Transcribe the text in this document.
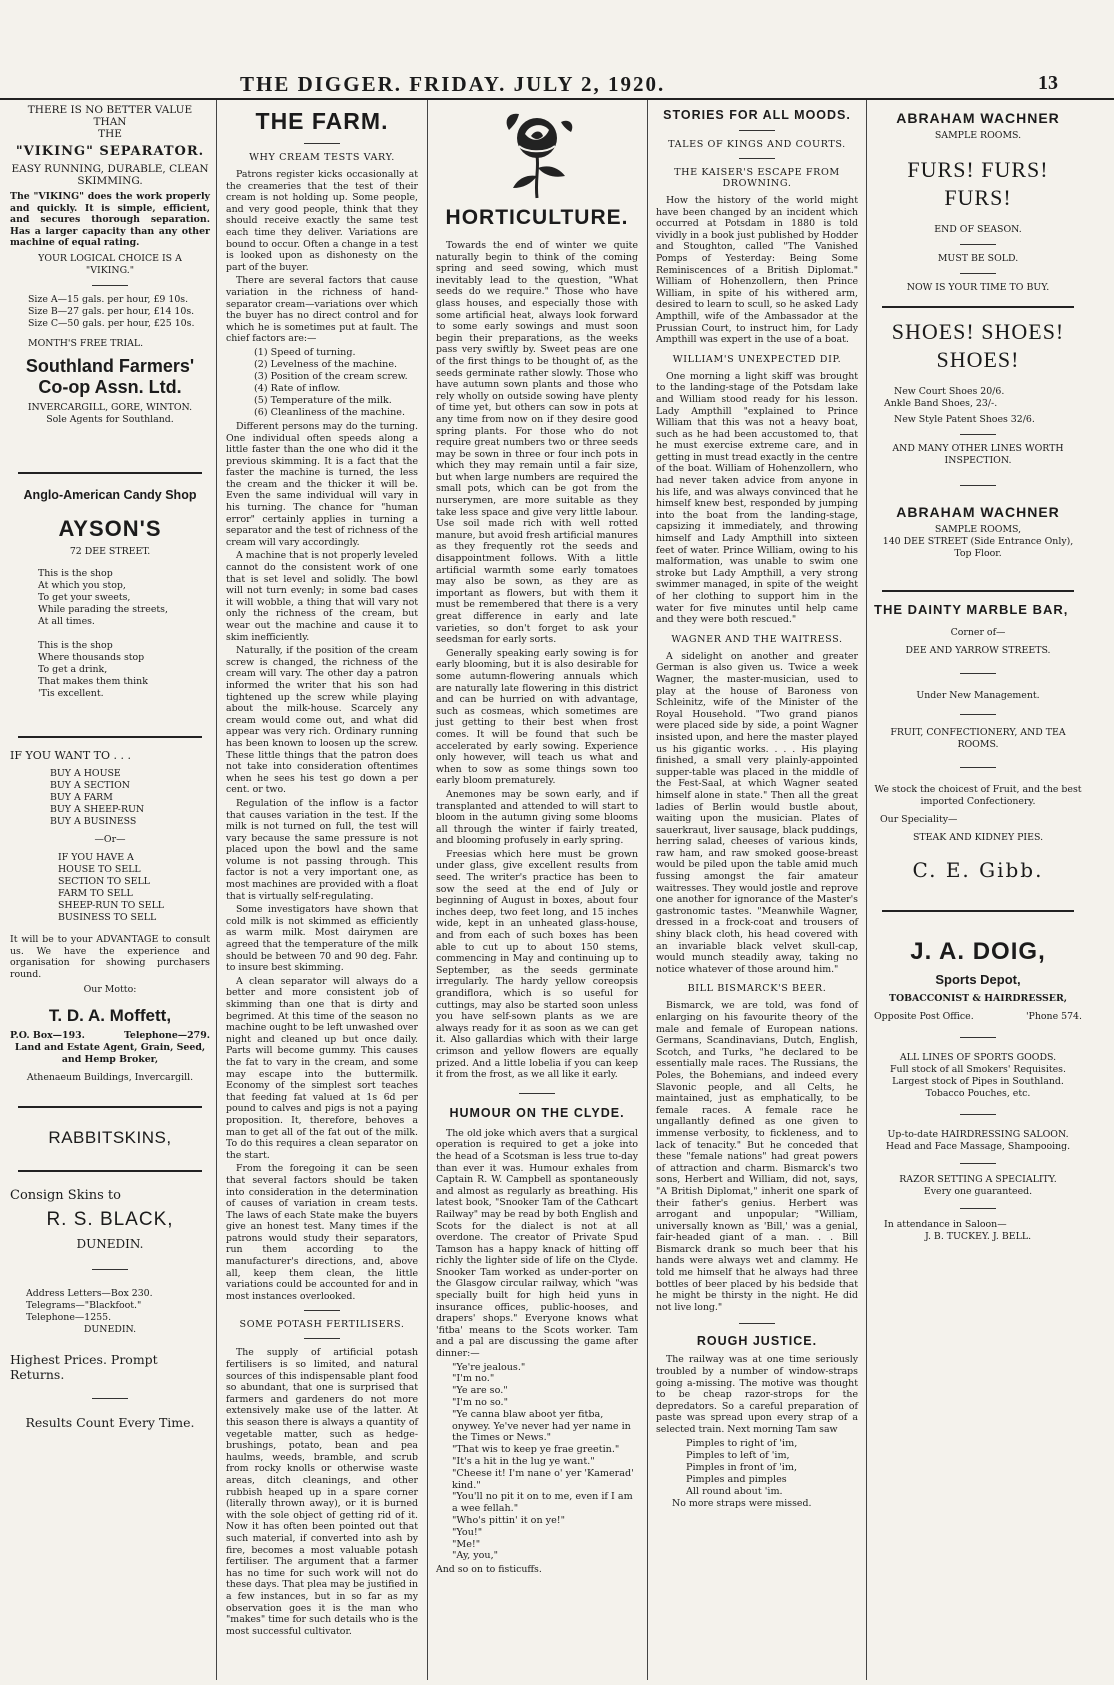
THE DIGGER. FRIDAY. JULY 2, 1920.	13
THERE IS NO BETTER VALUE THAN
THE
"VIKING" SEPARATOR.
EASY RUNNING, DURABLE, CLEAN SKIMMING.
The "VIKING" does the work properly and quickly. It is simple, efficient, and secures thorough separation. Has a larger capacity than any other machine of equal rating.
YOUR LOGICAL CHOICE IS A
"VIKING."
Size A—15 gals. per hour, £9 10s.
Size B—27 gals. per hour, £14 10s.
Size C—50 gals. per hour, £25 10s.
MONTH'S FREE TRIAL.
Southland Farmers'
Co-op Assn. Ltd.
INVERCARGILL, GORE, WINTON.
Sole Agents for Southland.
Anglo-American Candy Shop
AYSON'S
72 DEE STREET.
This is the shop
At which you stop,
To get your sweets,
While parading the streets,
At all times.
This is the shop
Where thousands stop
To get a drink,
That makes them think
'Tis excellent.
IF YOU WANT TO . . .
BUY A HOUSE
BUY A SECTION
BUY A FARM
BUY A SHEEP-RUN
BUY A BUSINESS
—Or—
IF YOU HAVE A
HOUSE TO SELL
SECTION TO SELL
FARM TO SELL
SHEEP-RUN TO SELL
BUSINESS TO SELL
It will be to your ADVANTAGE to consult us. We have the experience and organisation for showing purchasers round.
Our Motto:
T. D. A. Moffett,
P.O. Box—193.	Telephone—279.
Land and Estate Agent, Grain, Seed, and Hemp Broker,
Athenaeum Buildings, Invercargill.
RABBITSKINS,
Consign Skins to
R. S. BLACK,
DUNEDIN.
Address Letters—Box 230.
Telegrams—"Blackfoot."
Telephone—1255.
DUNEDIN.
Highest Prices. Prompt Returns.
Results Count Every Time.
THE FARM.
WHY CREAM TESTS VARY.

Patrons register kicks occasionally at the creameries that the test of their cream is not holding up. Some people, and very good people, think that they should receive exactly the same test each time they deliver. Variations are bound to occur. Often a change in a test is looked upon as dishonesty on the part of the buyer.

There are several factors that cause variation in the richness of hand-separator cream—variations over which the buyer has no direct control and for which he is sometimes put at fault. The chief factors are:—

(1) Speed of turning.
(2) Levelness of the machine.
(3) Position of the cream screw.
(4) Rate of inflow.
(5) Temperature of the milk.
(6) Cleanliness of the machine.

Different persons may do the turning. One individual often speeds along a little faster than the one who did it the previous skimming. It is a fact that the faster the machine is turned, the less the cream and the thicker it will be. Even the same individual will vary in his turning. The chance for "human error" certainly applies in turning a separator and the test of richness of the cream will vary accordingly.

A machine that is not properly leveled cannot do the consistent work of one that is set level and solidly. The bowl will not turn evenly; in some bad cases it will wobble, a thing that will vary not only the richness of the cream, but wear out the machine and cause it to skim inefficiently.

Naturally, if the position of the cream screw is changed, the richness of the cream will vary. The other day a patron informed the writer that his son had tightened up the screw while playing about the milk-house. Scarcely any cream would come out, and what did appear was very rich. Ordinary running has been known to loosen up the screw. These little things that the patron does not take into consideration oftentimes when he sees his test go down a per cent. or two.

Regulation of the inflow is a factor that causes variation in the test. If the milk is not turned on full, the test will vary because the same pressure is not placed upon the bowl and the same volume is not passing through. This factor is not a very important one, as most machines are provided with a float that is virtually self-regulating.

Some investigators have shown that cold milk is not skimmed as efficiently as warm milk. Most dairymen are agreed that the temperature of the milk should be between 70 and 90 deg. Fahr. to insure best skimming.

A clean separator will always do a better and more consistent job of skimming than one that is dirty and begrimed. At this time of the season no machine ought to be left unwashed over night and cleaned up but once daily. Parts will become gummy. This causes the fat to vary in the cream, and some may escape into the buttermilk. Economy of the simplest sort teaches that feeding fat valued at 1s 6d per pound to calves and pigs is not a paying proposition. It, therefore, behoves a man to get all of the fat out of the milk. To do this requires a clean separator on the start.

From the foregoing it can be seen that several factors should be taken into consideration in the determination of causes of variation in cream tests. The laws of each State make the buyers give an honest test. Many times if the patrons would study their separators, run them according to the manufacturer's directions, and, above all, keep them clean, the little variations could be accounted for and in most instances overlooked.

SOME POTASH FERTILISERS.

The supply of artificial potash fertilisers is so limited, and natural sources of this indispensable plant food so abundant, that one is surprised that farmers and gardeners do not more extensively make use of the latter. At this season there is always a quantity of vegetable matter, such as hedge-brushings, potato, bean and pea haulms, weeds, bramble, and scrub from rocky knolls or otherwise waste areas, ditch cleanings, and other rubbish heaped up in a spare corner (literally thrown away), or it is burned with the sole object of getting rid of it. Now it has often been pointed out that such material, if converted into ash by fire, becomes a most valuable potash fertiliser. The argument that a farmer has no time for such work will not do these days. That plea may be justified in a few instances, but in so far as my observation goes it is the man who "makes" time for such details who is the most successful cultivator.

HORTICULTURE.

Towards the end of winter we quite naturally begin to think of the coming spring and seed sowing, which must inevitably lead to the question, "What seeds do we require." Those who have glass houses, and especially those with some artificial heat, always look forward to some early sowings and must soon begin their preparations, as the weeks pass very swiftly by. Sweet peas are one of the first things to be thought of, as the seeds germinate rather slowly. Those who have autumn sown plants and those who rely wholly on outside sowing have plenty of time yet, but others can sow in pots at any time from now on if they desire good spring plants. For those who do not require great numbers two or three seeds may be sown in three or four inch pots in which they may remain until a fair size, but when large numbers are required the small pots, which can be got from the nurserymen, are more suitable as they take less space and give very little labour. Use soil made rich with well rotted manure, but avoid fresh artificial manures as they frequently rot the seeds and disappointment follows. With a little artificial warmth some early tomatoes may also be sown, as they are as important as flowers, but with them it must be remembered that there is a very great difference in early and late varieties, so don't forget to ask your seedsman for early sorts.

Generally speaking early sowing is for early blooming, but it is also desirable for some autumn-flowering annuals which are naturally late flowering in this district and can be hurried on with advantage, such as cosmeas, which sometimes are just getting to their best when frost comes. It will be found that such be accelerated by early sowing. Experience only however, will teach us what and when to sow as some things sown too early bloom prematurely.

Anemones may be sown early, and if transplanted and attended to will start to bloom in the autumn giving some blooms all through the winter if fairly treated, and blooming profusely in early spring.

Freesias which here must be grown under glass, give excellent results from seed. The writer's practice has been to sow the seed at the end of July or beginning of August in boxes, about four inches deep, two feet long, and 15 inches wide, kept in an unheated glass-house, and from each of such boxes has been able to cut up to about 150 stems, commencing in May and continuing up to September, as the seeds germinate irregularly. The hardy yellow coreopsis grandiflora, which is so useful for cuttings, may also be started soon unless you have self-sown plants as we are always ready for it as soon as we can get it. Also gallardias which with their large crimson and yellow flowers are equally prized. And a little lobelia if you can keep it from the frost, as we all like it early.

HUMOUR ON THE CLYDE.

The old joke which avers that a surgical operation is required to get a joke into the head of a Scotsman is less true to-day than ever it was. Humour exhales from Captain R. W. Campbell as spontaneously and almost as regularly as breathing. His latest book, "Snooker Tam of the Cathcart Railway" may be read by both English and Scots for the dialect is not at all overdone. The creator of Private Spud Tamson has a happy knack of hitting off richly the lighter side of life on the Clyde. Snooker Tam worked as under-porter on the Glasgow circular railway, which "was specially built for high heid yuns in insurance offices, public-hooses, and drapers' shops." Everyone knows what 'fitba' means to the Scots worker. Tam and a pal are discussing the game after dinner:—

"Ye're jealous."
"I'm no."
"Ye are so."
"I'm no so."
"Ye canna blaw aboot yer fitba, onywey. Ye've never had yer name in the Times or News."
"That wis to keep ye frae greetin."
"It's a hit in the lug ye want."
"Cheese it! I'm nane o' yer 'Kamerad' kind."
"You'll no pit it on to me, even if I am a wee fellah."
"Who's pittin' it on ye!"
"You!"
"Me!"
"Ay, you,"
And so on to fisticuffs.
STORIES FOR ALL MOODS.
TALES OF KINGS AND COURTS.
THE KAISER'S ESCAPE FROM DROWNING.

How the history of the world might have been changed by an incident which occurred at Potsdam in 1880 is told vividly in a book just published by Hodder and Stoughton, called "The Vanished Pomps of Yesterday: Being Some Reminiscences of a British Diplomat." William of Hohenzollern, then Prince William, in spite of his withered arm, desired to learn to scull, so he asked Lady Ampthill, wife of the Ambassador at the Prussian Court, to instruct him, for Lady Ampthill was expert in the use of a boat.

WILLIAM'S UNEXPECTED DIP.

One morning a light skiff was brought to the landing-stage of the Potsdam lake and William stood ready for his lesson. Lady Ampthill "explained to Prince William that this was not a heavy boat, such as he had been accustomed to, that he must exercise extreme care, and in getting in must tread exactly in the centre of the boat. William of Hohenzollern, who had never taken advice from anyone in his life, and was always convinced that he himself knew best, responded by jumping into the boat from the landing-stage, capsizing it immediately, and throwing himself and Lady Ampthill into sixteen feet of water. Prince William, owing to his malformation, was unable to swim one stroke but Lady Ampthill, a very strong swimmer managed, in spite of the weight of her clothing to support him in the water for five minutes until help came and they were both rescued."

WAGNER AND THE WAITRESS.

A sidelight on another and greater German is also given us. Twice a week Wagner, the master-musician, used to play at the house of Baroness von Schleinitz, wife of the Minister of the Royal Household. "Two grand pianos were placed side by side, a point Wagner insisted upon, and here the master played us his gigantic works. . . . His playing finished, a small very plainly-appointed supper-table was placed in the middle of the Fest-Saal, at which Wagner seated himself alone in state." Then all the great ladies of Berlin would bustle about, waiting upon the musician. Plates of sauerkraut, liver sausage, black puddings, herring salad, cheeses of various kinds, raw ham, and raw smoked goose-breast would be piled upon the table amid much fussing amongst the fair amateur waitresses. They would jostle and reprove one another for ignorance of the Master's gastronomic tastes. "Meanwhile Wagner, dressed in a frock-coat and trousers of shiny black cloth, his head covered with an invariable black velvet skull-cap, would munch steadily away, taking no notice whatever of those around him."

BILL BISMARCK'S BEER.

Bismarck, we are told, was fond of enlarging on his favourite theory of the male and female of European nations. Germans, Scandinavians, Dutch, English, Scotch, and Turks, "he declared to be essentially male races. The Russians, the Poles, the Bohemians, and indeed every Slavonic people, and all Celts, he maintained, just as emphatically, to be female races. A female race he ungallantly defined as one given to immense verbosity, to fickleness, and to lack of tenacity." But he conceded that these "female nations" had great powers of attraction and charm. Bismarck's two sons, Herbert and William, did not, says, "A British Diplomat," inherit one spark of their father's genius. Herbert was arrogant and unpopular; "William, universally known as 'Bill,' was a genial, fair-headed giant of a man. . . Bill Bismarck drank so much beer that his hands were always wet and clammy. He told me himself that he always had three bottles of beer placed by his bedside that he might be thirsty in the night. He did not live long."

ROUGH JUSTICE.

The railway was at one time seriously troubled by a number of window-straps going a-missing. The motive was thought to be cheap razor-strops for the depredators. So a careful preparation of paste was spread upon every strap of a selected train. Next morning Tam saw

Pimples to right of 'im,
Pimples to left of 'im,
Pimples in front of 'im,
Pimples and pimples
All round about 'im.
No more straps were missed.
ABRAHAM WACHNER
SAMPLE ROOMS.
FURS! FURS!
FURS!
END OF SEASON.
MUST BE SOLD.
NOW IS YOUR TIME TO BUY.
SHOES! SHOES!
SHOES!
New Court Shoes 20/6.
Ankle Band Shoes, 23/-.
New Style Patent Shoes 32/6.
AND MANY OTHER LINES WORTH INSPECTION.
ABRAHAM WACHNER
SAMPLE ROOMS,
140 DEE STREET (Side Entrance Only), Top Floor.
THE DAINTY MARBLE BAR,
Corner of—
DEE AND YARROW STREETS.
Under New Management.
FRUIT, CONFECTIONERY, AND TEA ROOMS.
We stock the choicest of Fruit, and the best imported Confectionery.
Our Speciality—
STEAK AND KIDNEY PIES.
C. E. Gibb.
J. A. DOIG,
Sports Depot,
TOBACCONIST & HAIRDRESSER,
Opposite Post Office.	'Phone 574.
ALL LINES OF SPORTS GOODS.
Full stock of all Smokers' Requisites. Largest stock of Pipes in Southland. Tobacco Pouches, etc.
Up-to-date HAIRDRESSING SALOON. Head and Face Massage, Shampooing.
RAZOR SETTING A SPECIALITY.
Every one guaranteed.
In attendance in Saloon—
J. B. TUCKEY. J. BELL.
